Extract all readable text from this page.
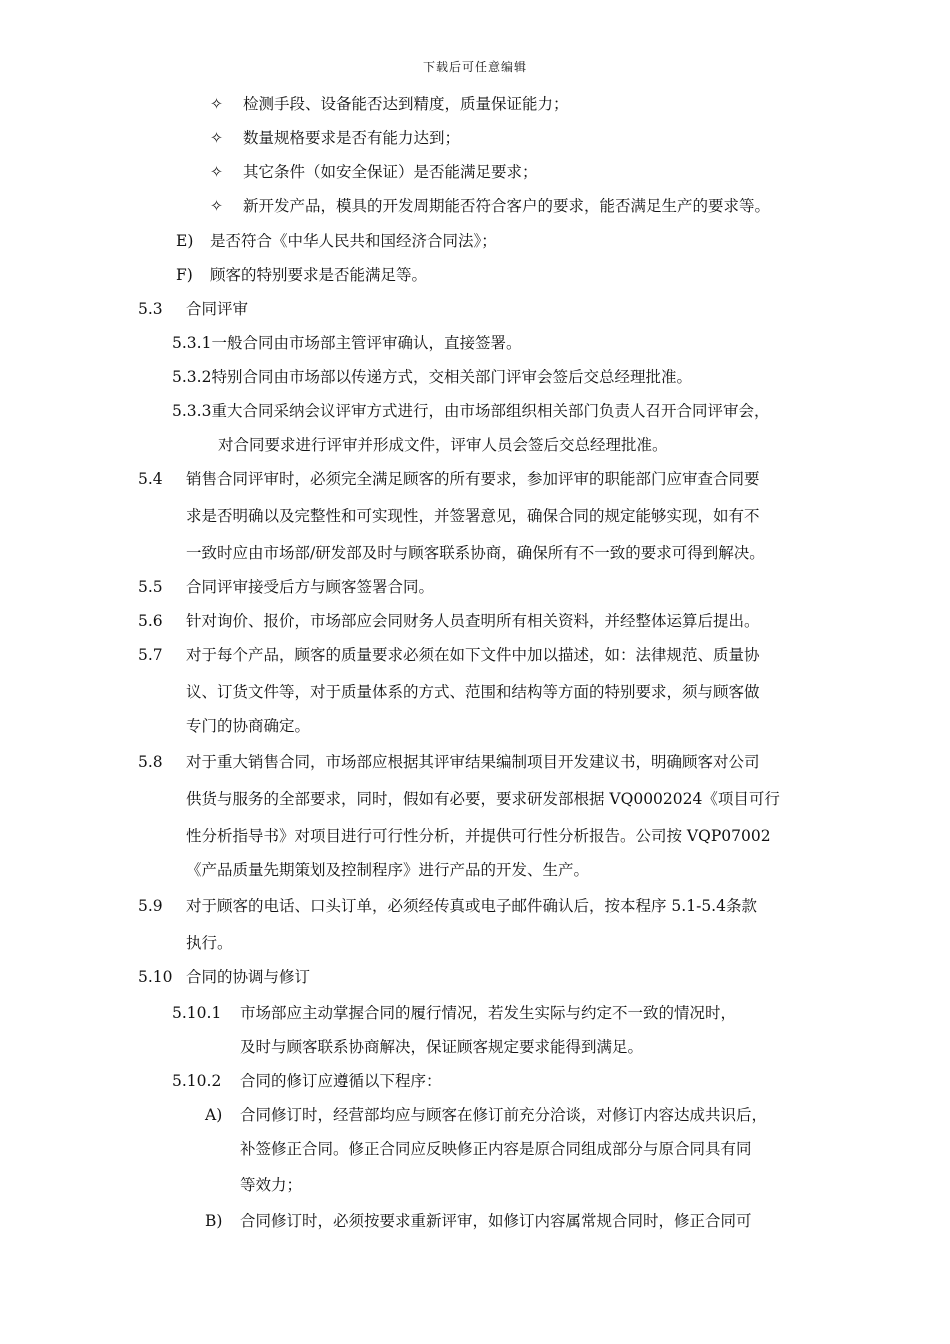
下载后可任意编辑
✧ 检测手段、设备能否达到精度，质量保证能力；
✧ 数量规格要求是否有能力达到；
✧ 其它条件（如安全保证）是否能满足要求；
✧ 新开发产品，模具的开发周期能否符合客户的要求，能否满足生产的要求等。
E) 是否符合《中华人民共和国经济合同法》；
F) 顾客的特别要求是否能满足等。
5.3 合同评审
5.3.1一般合同由市场部主管评审确认，直接签署。
5.3.2特别合同由市场部以传递方式，交相关部门评审会签后交总经理批准。
5.3.3重大合同采纳会议评审方式进行，由市场部组织相关部门负责人召开合同评审会，
对合同要求进行评审并形成文件，评审人员会签后交总经理批准。
5.4 销售合同评审时，必须完全满足顾客的所有要求，参加评审的职能部门应审查合同要
求是否明确以及完整性和可实现性，并签署意见，确保合同的规定能够实现，如有不
一致时应由市场部/研发部及时与顾客联系协商，确保所有不一致的要求可得到解决。
5.5 合同评审接受后方与顾客签署合同。
5.6 针对询价、报价，市场部应会同财务人员查明所有相关资料，并经整体运算后提出。
5.7 对于每个产品，顾客的质量要求必须在如下文件中加以描述，如：法律规范、质量协
议、订货文件等，对于质量体系的方式、范围和结构等方面的特别要求，须与顾客做
专门的协商确定。
5.8 对于重大销售合同，市场部应根据其评审结果编制项目开发建议书，明确顾客对公司
供货与服务的全部要求，同时，假如有必要，要求研发部根据 VQ0002024《项目可行
性分析指导书》对项目进行可行性分析，并提供可行性分析报告。公司按 VQP07002
《产品质量先期策划及控制程序》进行产品的开发、生产。
5.9 对于顾客的电话、口头订单，必须经传真或电子邮件确认后，按本程序 5.1-5.4条款
执行。
5.10 合同的协调与修订
5.10.1 市场部应主动掌握合同的履行情况，若发生实际与约定不一致的情况时，
及时与顾客联系协商解决，保证顾客规定要求能得到满足。
5.10.2 合同的修订应遵循以下程序：
A) 合同修订时，经营部均应与顾客在修订前充分洽谈，对修订内容达成共识后，
补签修正合同。修正合同应反映修正内容是原合同组成部分与原合同具有同
等效力；
B) 合同修订时，必须按要求重新评审，如修订内容属常规合同时，修正合同可
